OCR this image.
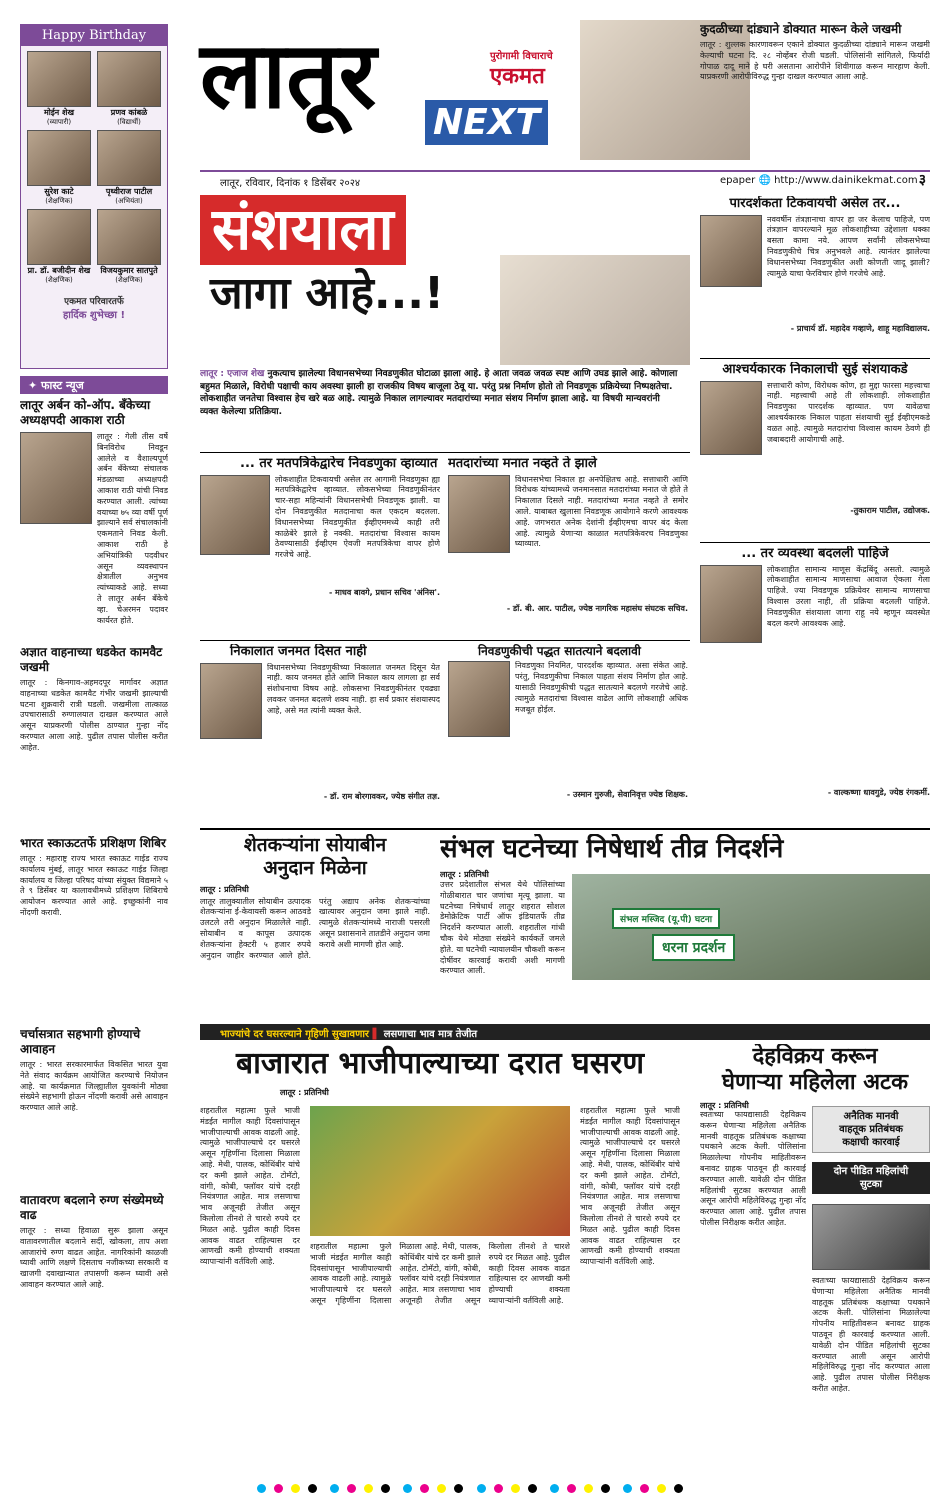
Happy Birthday
मोईन शेख
(व्यापारी)
प्रणव कांबळे
(विद्यार्थी)
सुरेश काटे
(शैक्षणिक)
पृथ्वीराज पाटील
(अभियंता)
प्रा. डॉ. बजीदीन शेख
(शैक्षणिक)
विजयकुमार सातपुते
(शैक्षणिक)
एकमत परिवारतर्फे
हार्दिक शुभेच्छा !
✦ फास्ट न्यूज
लातूर अर्बन को-ऑप. बँकेच्या अध्यक्षपदी आकाश राठी
लातूर : गेली तीस वर्षे बिनविरोध निवडून आलेले व वैशाल्यपूर्ण अर्बन बँकेच्या संचालक मंडळाच्या अध्यक्षपदी आकाश राठी यांची निवड करण्यात आली. त्यांच्या वयाच्या ७५ व्या वर्षी पूर्ण झाल्याने सर्व संचालकांनी एकमताने निवड केली. आकाश राठी हे अभियांत्रिकी पदवीधर असून व्यवस्थापन क्षेत्रातील अनुभव त्यांच्याकडे आहे. सध्या ते लातूर अर्बन बँकेचे व्हा. चेअरमन पदावर कार्यरत होते.
अज्ञात वाहनाच्या धडकेत कामवैट जखमी
लातूर : किनगाव-अहमदपूर मार्गावर अज्ञात वाहनाच्या धडकेत कामवैट गंभीर जखमी झाल्याची घटना शुक्रवारी रात्री घडली. जखमीला तात्काळ उपचारासाठी रुग्णालयात दाखल करण्यात आले असून याप्रकरणी पोलीस ठाण्यात गुन्हा नोंद करण्यात आला आहे. पुढील तपास पोलीस करीत आहेत.
भारत स्काऊटतर्फे प्रशिक्षण शिबिर
लातूर : महाराष्ट्र राज्य भारत स्काऊट गाईड राज्य कार्यालय मुंबई, लातूर भारत स्काऊट गाईड जिल्हा कार्यालय व जिल्हा परिषद यांच्या संयुक्त विद्यमाने ५ ते ९ डिसेंबर या कालावधीमध्ये प्रशिक्षण शिबिराचे आयोजन करण्यात आले आहे. इच्छुकांनी नाव नोंदणी करावी.
चर्चासत्रात सहभागी होण्याचे आवाहन
लातूर : भारत सरकारमार्फत विकसित भारत युवा नेते संवाद कार्यक्रम आयोजित करण्याचे नियोजन आहे. या कार्यक्रमात जिल्ह्यातील युवकांनी मोठ्या संख्येने सहभागी होऊन नोंदणी करावी असे आवाहन करण्यात आले आहे.
वातावरण बदलाने रुग्ण संख्येमध्ये वाढ
लातूर : सध्या हिवाळा सुरू झाला असून वातावरणातील बदलाने सर्दी, खोकला, ताप अशा आजारांचे रुग्ण वाढत आहेत. नागरिकांनी काळजी घ्यावी आणि लक्षणे दिसताच नजीकच्या सरकारी व खाजगी दवाखान्यात तपासणी करून घ्यावी असे आवाहन करण्यात आले आहे.
लातूर NEXT
पुरोगामी विचाराचे
एकमत
लातूर, रविवार, दिनांक १ डिसेंबर २०२४	epaper 🌐 http://www.dainikekmat.com ३
संशयाला
जागा आहे...!
लातूर : एजाज शेख नुकत्याच झालेल्या विधानसभेच्या निवडणुकीत घोटाळा झाला आहे. हे आता जवळ जवळ स्पष्ट आणि उघड झाले आहे. कोणाला बहुमत मिळाले, विरोधी पक्षाची काय अवस्था झाली हा राजकीय विषय बाजूला ठेवू या. परंतु प्रश्न निर्माण होतो तो निवडणूक प्रक्रियेच्या निष्पक्षतेचा. लोकशाहीत जनतेचा विश्वास हेच खरे बळ आहे. त्यामुळे निकाल लागल्यावर मतदारांच्या मनात संशय निर्माण झाला आहे. या विषयी मान्यवरांनी व्यक्त केलेल्या प्रतिक्रिया.
... तर मतपत्रिकेद्वारेच निवडणुका व्हाव्यात
लोकशाहीत टिकवायची असेल तर आगामी निवडणुका ह्या मतपत्रिकेद्वारेच व्हाव्यात. लोकसभेच्या निवडणुकीनंतर चार-सहा महिन्यांनी विधानसभेची निवडणूक झाली. या दोन निवडणुकीत मतदानाचा कल एकदम बदलला. विधानसभेच्या निवडणुकीत ईव्हीएममध्ये काही तरी काळेबेरे झाले हे नक्की. मतदारांचा विश्वास कायम ठेवण्यासाठी ईव्हीएम ऐवजी मतपत्रिकेचा वापर होणे गरजेचे आहे.
- माधव बावगे, प्रधान सचिव 'अंनिस'.
मतदारांच्या मनात नव्हते ते झाले
विधानसभेचा निकाल हा अनपेक्षितच आहे. सत्ताधारी आणि विरोधक यांच्यामध्ये जनमानसात मतदारांच्या मनात जे होते ते निकालात दिसले नाही. मतदारांच्या मनात नव्हते ते समोर आले. याबाबत खुलासा निवडणूक आयोगाने करणे आवश्यक आहे. जगभरात अनेक देशांनी ईव्हीएमचा वापर बंद केला आहे. त्यामुळे येणाऱ्या काळात मतपत्रिकेवरच निवडणुका घ्याव्यात.
- डॉ. बी. आर. पाटील, ज्येष्ठ नागरिक महासंघ संघटक सचिव.
निकालात जनमत दिसत नाही
विधानसभेच्या निवडणुकीच्या निकालात जनमत दिसून येत नाही. काय जनमत होते आणि निकाल काय लागला हा सर्व संशोधनाचा विषय आहे. लोकसभा निवडणुकीनंतर एवढ्या लवकर जनमत बदलणे शक्य नाही. हा सर्व प्रकार संशयास्पद आहे, असे मत त्यांनी व्यक्त केले.
- डॉ. राम बोरगावकर, ज्येष्ठ संगीत तज्ञ.
निवडणुकीची पद्धत सातत्याने बदलावी
निवडणुका नियमित, पारदर्शक व्हाव्यात. असा संकेत आहे. परंतु, निवडणुकीचा निकाल पाहता संशय निर्माण होत आहे. यासाठी निवडणुकीची पद्धत सातत्याने बदलणे गरजेचे आहे. त्यामुळे मतदारांचा विश्वास वाढेल आणि लोकशाही अधिक मजबूत होईल.
- उस्मान गुरुजी, सेवानिवृत्त ज्येष्ठ शिक्षक.
कुदळीच्या दांड्याने डोक्यात मारून केले जखमी
लातूर : शुल्लक कारणावरून एकाने डोक्यात कुदळीच्या दांड्याने मारून जखमी केल्याची घटना दि. २८ नोव्हेंबर रोजी घडली. पोलिसांनी सांगितले, फिर्यादी गोपाळ दादू माने हे घरी असताना आरोपीने शिवीगाळ करून मारहाण केली. याप्रकरणी आरोपीविरुद्ध गुन्हा दाखल करण्यात आला आहे.
पारदर्शकता टिकवायची असेल तर...
नववर्षीन तंत्रज्ञानाचा वापर हा जर केलाच पाहिजे, पण तंत्रज्ञान वापरल्याने मूळ लोकशाहीच्या उद्देशाला धक्का बसता कामा नये. आपण सर्वांनी लोकसभेच्या निवडणुकीचे चित्र अनुभवले आहे. त्यानंतर झालेल्या विधानसभेच्या निवडणुकीत अशी कोणती जादू झाली? त्यामुळे याचा फेरविचार होणे गरजेचे आहे.
- प्राचार्य डॉ. महादेव गव्हाणे, शाहू महाविद्यालय.
आश्चर्यकारक निकालाची सुई संशयाकडे
सत्ताधारी कोण, विरोधक कोण, हा मुद्दा फारसा महत्त्वाचा नाही. महत्त्वाची आहे ती लोकशाही. लोकशाहीत निवडणुका पारदर्शक व्हाव्यात. पण यावेळचा आश्चर्यकारक निकाल पाहता संशयाची सुई ईव्हीएमकडे वळत आहे. त्यामुळे मतदारांचा विश्वास कायम ठेवणे ही जबाबदारी आयोगाची आहे.
-तुकाराम पाटील, उद्योजक.
... तर व्यवस्था बदलली पाहिजे
लोकशाहीत सामान्य माणूस केंद्रबिंदू असतो. त्यामुळे लोकशाहीत सामान्य माणसाचा आवाज ऐकला गेला पाहिजे. ज्या निवडणूक प्रक्रियेवर सामान्य माणसाचा विश्वास उरला नाही, ती प्रक्रिया बदलली पाहिजे. निवडणुकीत संशयाला जागा राहू नये म्हणून व्यवस्थेत बदल करणे आवश्यक आहे.
- वाल्कष्णा धावगुडे, ज्येष्ठ रंगकर्मी.
शेतकऱ्यांना सोयाबीन
अनुदान मिळेना
लातूर : प्रतिनिधी
लातूर तालुक्यातील सोयाबीन उत्पादक शेतकऱ्यांना ई-केवायसी करून आठवडे उलटले तरी अनुदान मिळालेले नाही. सोयाबीन व कापूस उत्पादक शेतकऱ्यांना हेक्टरी ५ हजार रुपये अनुदान जाहीर करण्यात आले होते. परंतु अद्याप अनेक शेतकऱ्यांच्या खात्यावर अनुदान जमा झाले नाही. त्यामुळे शेतकऱ्यांमध्ये नाराजी पसरली असून प्रशासनाने तातडीने अनुदान जमा करावे अशी मागणी होत आहे.
संभल घटनेच्या निषेधार्थ तीव्र निदर्शने
लातूर : प्रतिनिधी
उत्तर प्रदेशातील संभल येथे पोलिसांच्या गोळीबारात चार जणांचा मृत्यू झाला. या घटनेच्या निषेधार्थ लातूर शहरात सोशल डेमोक्रेटिक पार्टी ऑफ इंडियातर्फे तीव्र निदर्शने करण्यात आली. शहरातील गांधी चौक येथे मोठ्या संख्येने कार्यकर्ते जमले होते. या घटनेची न्यायालयीन चौकशी करून दोषींवर कारवाई करावी अशी मागणी करण्यात आली.
संभल मस्जिद (यू.पी) घटना
धरना प्रदर्शन
भाज्यांचे दर घसरल्याने गृहिणी सुखावणार ▌ लसणाचा भाव मात्र तेजीत
बाजारात भाजीपाल्याच्या दरात घसरण
लातूर : प्रतिनिधी
शहरातील महात्मा फुले भाजी मंडईत मागील काही दिवसांपासून भाजीपाल्याची आवक वाढली आहे. त्यामुळे भाजीपाल्याचे दर घसरले असून गृहिणींना दिलासा मिळाला आहे. मेथी, पालक, कोथिंबीर यांचे दर कमी झाले आहेत. टोमॅटो, वांगी, कोबी, फ्लॉवर यांचे दरही नियंत्रणात आहेत. मात्र लसणाचा भाव अजूनही तेजीत असून किलोला तीनशे ते चारशे रुपये दर मिळत आहे. पुढील काही दिवस आवक वाढत राहिल्यास दर आणखी कमी होण्याची शक्यता व्यापाऱ्यांनी वर्तविली आहे.
शहरातील महात्मा फुले भाजी मंडईत मागील काही दिवसांपासून भाजीपाल्याची आवक वाढली आहे. त्यामुळे भाजीपाल्याचे दर घसरले असून गृहिणींना दिलासा मिळाला आहे. मेथी, पालक, कोथिंबीर यांचे दर कमी झाले आहेत. टोमॅटो, वांगी, कोबी, फ्लॉवर यांचे दरही नियंत्रणात आहेत. मात्र लसणाचा भाव अजूनही तेजीत असून किलोला तीनशे ते चारशे रुपये दर मिळत आहे. पुढील काही दिवस आवक वाढत राहिल्यास दर आणखी कमी होण्याची शक्यता व्यापाऱ्यांनी वर्तविली आहे.
शहरातील महात्मा फुले भाजी मंडईत मागील काही दिवसांपासून भाजीपाल्याची आवक वाढली आहे. त्यामुळे भाजीपाल्याचे दर घसरले असून गृहिणींना दिलासा मिळाला आहे. मेथी, पालक, कोथिंबीर यांचे दर कमी झाले आहेत. टोमॅटो, वांगी, कोबी, फ्लॉवर यांचे दरही नियंत्रणात आहेत. मात्र लसणाचा भाव अजूनही तेजीत असून किलोला तीनशे ते चारशे रुपये दर मिळत आहे. पुढील काही दिवस आवक वाढत राहिल्यास दर आणखी कमी होण्याची शक्यता व्यापाऱ्यांनी वर्तविली आहे.
देहविक्रय करून
घेणाऱ्या महिलेला अटक
लातूर : प्रतिनिधी
अनैतिक मानवी
वाहतूक प्रतिबंधक
कक्षाची कारवाई
दोन पीडित महिलांची
सुटका
स्वतःच्या फायद्यासाठी देहविक्रय करून घेणाऱ्या महिलेला अनैतिक मानवी वाहतूक प्रतिबंधक कक्षाच्या पथकाने अटक केली. पोलिसांना मिळालेल्या गोपनीय माहितीवरून बनावट ग्राहक पाठवून ही कारवाई करण्यात आली. यावेळी दोन पीडित महिलांची सुटका करण्यात आली असून आरोपी महिलेविरुद्ध गुन्हा नोंद करण्यात आला आहे. पुढील तपास पोलीस निरीक्षक करीत आहेत.
स्वतःच्या फायद्यासाठी देहविक्रय करून घेणाऱ्या महिलेला अनैतिक मानवी वाहतूक प्रतिबंधक कक्षाच्या पथकाने अटक केली. पोलिसांना मिळालेल्या गोपनीय माहितीवरून बनावट ग्राहक पाठवून ही कारवाई करण्यात आली. यावेळी दोन पीडित महिलांची सुटका करण्यात आली असून आरोपी महिलेविरुद्ध गुन्हा नोंद करण्यात आला आहे. पुढील तपास पोलीस निरीक्षक करीत आहेत.
